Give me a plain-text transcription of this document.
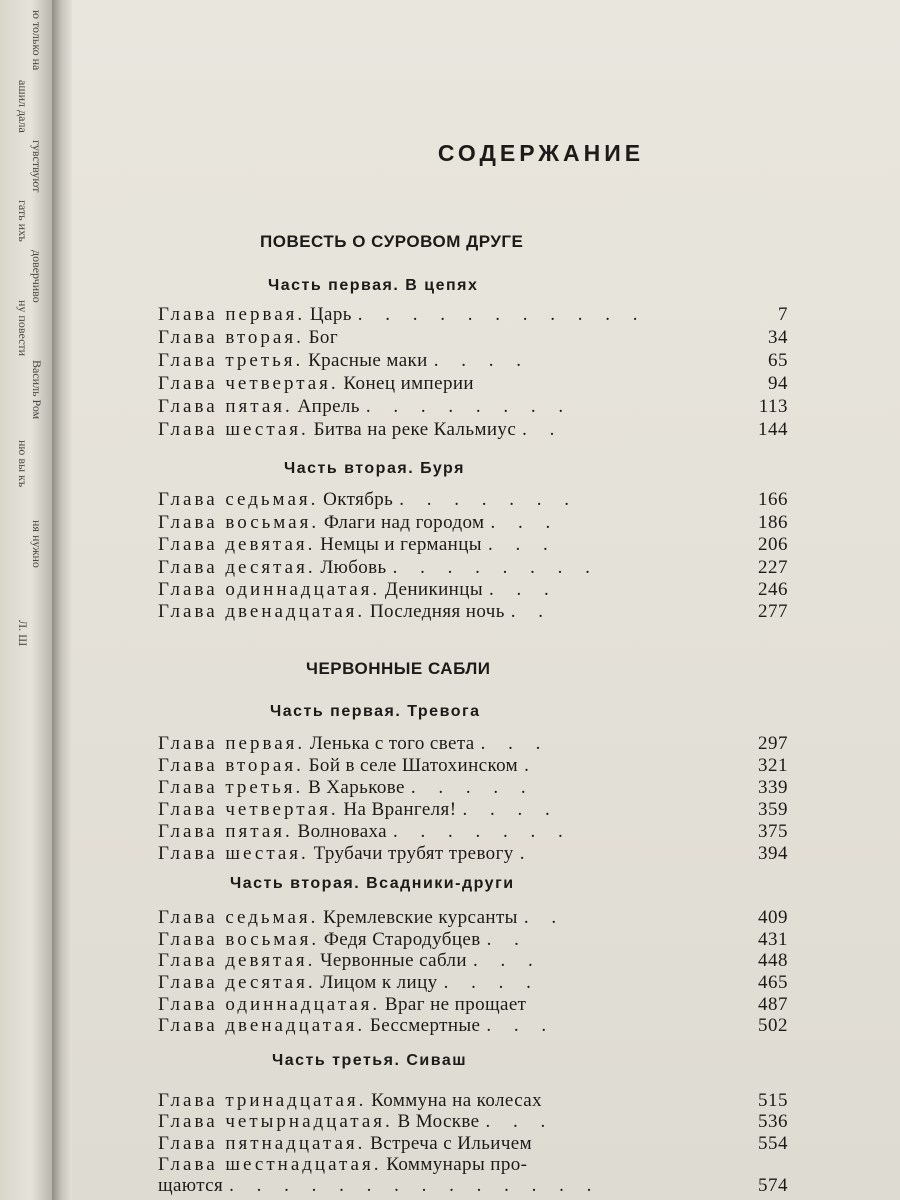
ю только на
ашил дала
гувствуют
гать ихъ
доверчиво
ну повести
Василь Ром
ню вы къ
ня нужно
Л. Ш
СОДЕРЖАНИЕ
ПОВЕСТЬ О СУРОВОМ ДРУГЕ
Часть первая. В цепях
Глава первая. Царь . . . . . . . . . . .	7
Глава вторая. Бог	34
Глава третья. Красные маки . . . .	65
Глава четвертая. Конец империи	94
Глава пятая. Апрель . . . . . . . .	113
Глава шестая. Битва на реке Кальмиус . .	144
Часть вторая. Буря
Глава седьмая. Октябрь . . . . . . .	166
Глава восьмая. Флаги над городом . . .	186
Глава девятая. Немцы и германцы . . .	206
Глава десятая. Любовь . . . . . . . .	227
Глава одиннадцатая. Деникинцы . . .	246
Глава двенадцатая. Последняя ночь . .	277
ЧЕРВОННЫЕ САБЛИ
Часть первая. Тревога
Глава первая. Ленька с того света . . .	297
Глава вторая. Бой в селе Шатохинском .	321
Глава третья. В Харькове . . . . .	339
Глава четвертая. На Врангеля! . . . .	359
Глава пятая. Волноваха . . . . . . .	375
Глава шестая. Трубачи трубят тревогу .	394
Часть вторая. Всадники-други
Глава седьмая. Кремлевские курсанты . .	409
Глава восьмая. Федя Стародубцев . .	431
Глава девятая. Червонные сабли . . .	448
Глава десятая. Лицом к лицу . . . .	465
Глава одиннадцатая. Враг не прощает	487
Глава двенадцатая. Бессмертные . . .	502
Часть третья. Сиваш
Глава тринадцатая. Коммуна на колесах	515
Глава четырнадцатая. В Москве . . .	536
Глава пятнадцатая. Встреча с Ильичем	554
Глава шестнадцатая. Коммунары про-
щаются . . . . . . . . . . . . . .	574
